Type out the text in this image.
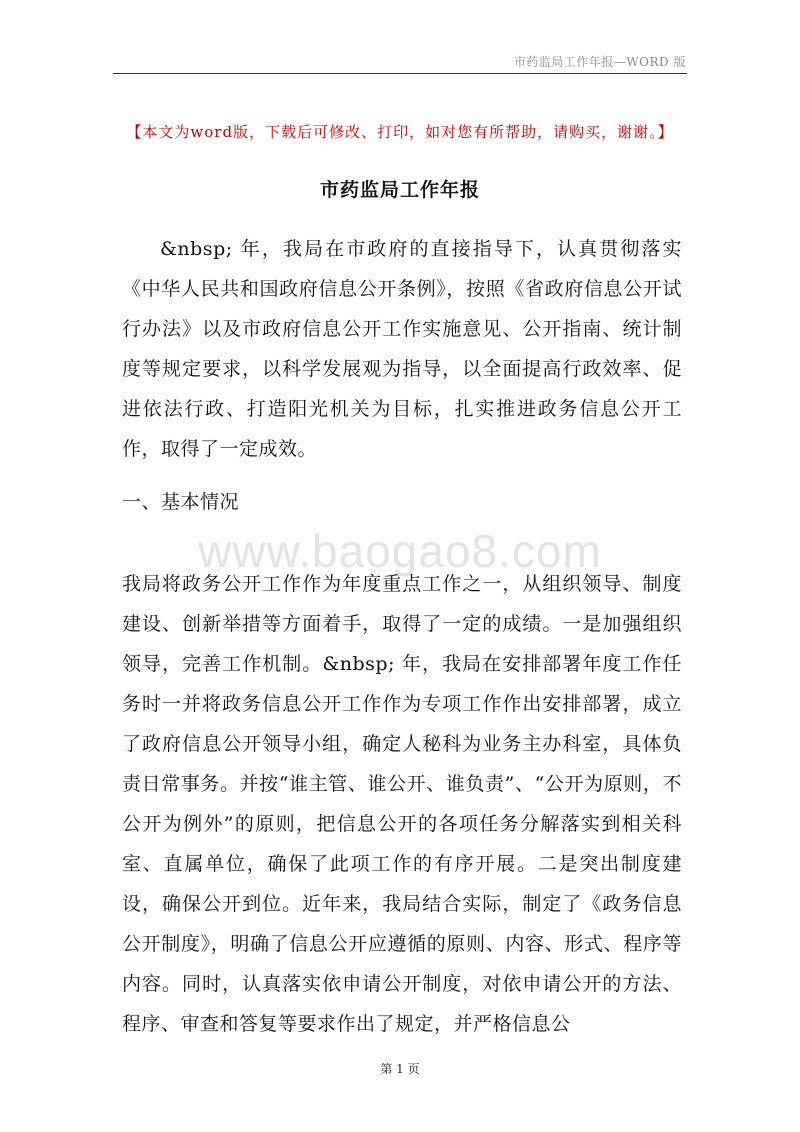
市药监局工作年报—WORD 版
【本文为word版，下载后可修改、打印，如对您有所帮助，请购买，谢谢。】
市药监局工作年报

&nbsp; 年，我局在市政府的直接指导下，认真贯彻落实《中华人民共和国政府信息公开条例》，按照《省政府信息公开试行办法》以及市政府信息公开工作实施意见、公开指南、统计制度等规定要求，以科学发展观为指导，以全面提高行政效率、促进依法行政、打造阳光机关为目标，扎实推进政务信息公开工作，取得了一定成效。

一、基本情况
www.baogao8.com

我局将政务公开工作作为年度重点工作之一，从组织领导、制度建设、创新举措等方面着手，取得了一定的成绩。一是加强组织领导，完善工作机制。&nbsp; 年，我局在安排部署年度工作任务时一并将政务信息公开工作作为专项工作作出安排部署，成立了政府信息公开领导小组，确定人秘科为业务主办科室，具体负责日常事务。并按“谁主管、谁公开、谁负责”、“公开为原则，不公开为例外”的原则，把信息公开的各项任务分解落实到相关科室、直属单位，确保了此项工作的有序开展。二是突出制度建设，确保公开到位。近年来，我局结合实际，制定了《政务信息公开制度》，明确了信息公开应遵循的原则、内容、形式、程序等内容。同时，认真落实依申请公开制度，对依申请公开的方法、程序、审查和答复等要求作出了规定，并严格信息公

第 1 页
